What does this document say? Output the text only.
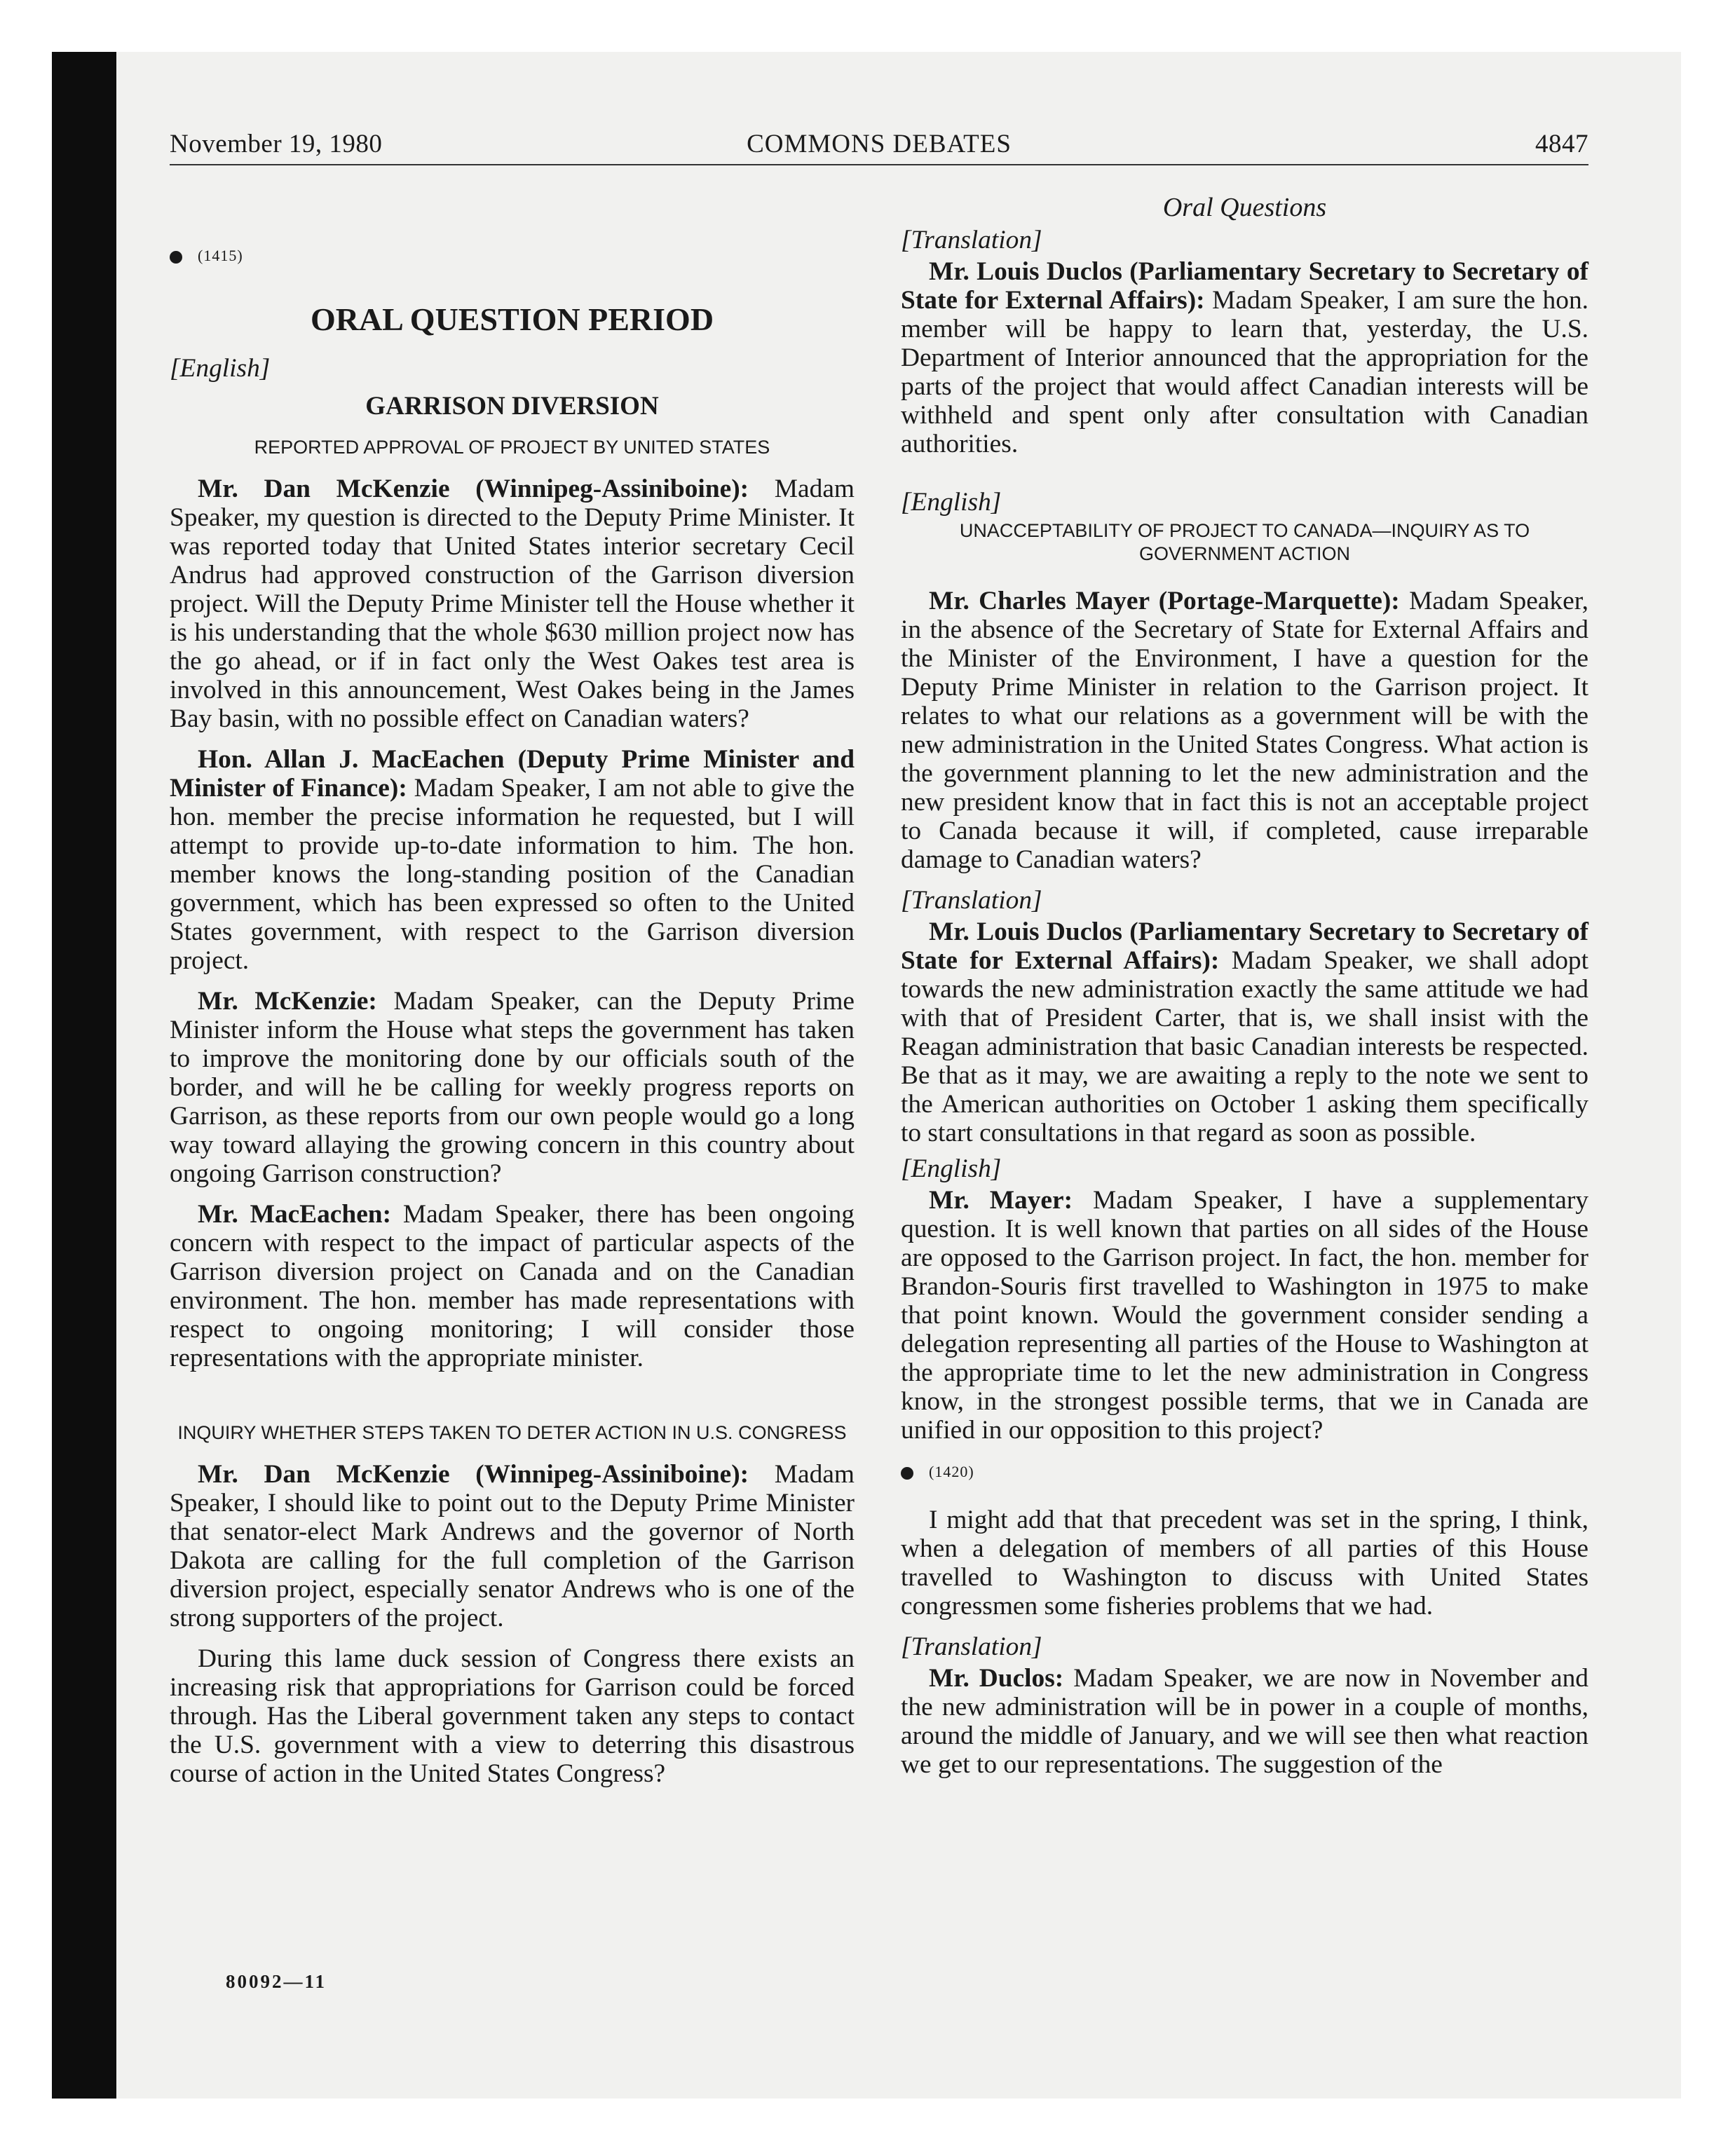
November 19, 1980	COMMONS DEBATES	4847
(1415)
ORAL QUESTION PERIOD
[English]
GARRISON DIVERSION
REPORTED APPROVAL OF PROJECT BY UNITED STATES

Mr. Dan McKenzie (Winnipeg-Assiniboine): Madam Speaker, my question is directed to the Deputy Prime Minister. It was reported today that United States interior secretary Cecil Andrus had approved construction of the Garrison diversion project. Will the Deputy Prime Minister tell the House whether it is his understanding that the whole $630 million project now has the go ahead, or if in fact only the West Oakes test area is involved in this announcement, West Oakes being in the James Bay basin, with no possible effect on Canadian waters?

Hon. Allan J. MacEachen (Deputy Prime Minister and Minister of Finance): Madam Speaker, I am not able to give the hon. member the precise information he requested, but I will attempt to provide up-to-date information to him. The hon. member knows the long-standing position of the Canadian government, which has been expressed so often to the United States government, with respect to the Garrison diversion project.

Mr. McKenzie: Madam Speaker, can the Deputy Prime Minister inform the House what steps the government has taken to improve the monitoring done by our officials south of the border, and will he be calling for weekly progress reports on Garrison, as these reports from our own people would go a long way toward allaying the growing concern in this country about ongoing Garrison construction?

Mr. MacEachen: Madam Speaker, there has been ongoing concern with respect to the impact of particular aspects of the Garrison diversion project on Canada and on the Canadian environment. The hon. member has made representations with respect to ongoing monitoring; I will consider those representations with the appropriate minister.

INQUIRY WHETHER STEPS TAKEN TO DETER ACTION IN U.S. CONGRESS

Mr. Dan McKenzie (Winnipeg-Assiniboine): Madam Speaker, I should like to point out to the Deputy Prime Minister that senator-elect Mark Andrews and the governor of North Dakota are calling for the full completion of the Garrison diversion project, especially senator Andrews who is one of the strong supporters of the project.

During this lame duck session of Congress there exists an increasing risk that appropriations for Garrison could be forced through. Has the Liberal government taken any steps to contact the U.S. government with a view to deterring this disastrous course of action in the United States Congress?

80092—11
Oral Questions
[Translation]

Mr. Louis Duclos (Parliamentary Secretary to Secretary of State for External Affairs): Madam Speaker, I am sure the hon. member will be happy to learn that, yesterday, the U.S. Department of Interior announced that the appropriation for the parts of the project that would affect Canadian interests will be withheld and spent only after consultation with Canadian authorities.

[English]
UNACCEPTABILITY OF PROJECT TO CANADA—INQUIRY AS TO GOVERNMENT ACTION

Mr. Charles Mayer (Portage-Marquette): Madam Speaker, in the absence of the Secretary of State for External Affairs and the Minister of the Environment, I have a question for the Deputy Prime Minister in relation to the Garrison project. It relates to what our relations as a government will be with the new administration in the United States Congress. What action is the government planning to let the new administration and the new president know that in fact this is not an acceptable project to Canada because it will, if completed, cause irreparable damage to Canadian waters?

[Translation]

Mr. Louis Duclos (Parliamentary Secretary to Secretary of State for External Affairs): Madam Speaker, we shall adopt towards the new administration exactly the same attitude we had with that of President Carter, that is, we shall insist with the Reagan administration that basic Canadian interests be respected. Be that as it may, we are awaiting a reply to the note we sent to the American authorities on October 1 asking them specifically to start consultations in that regard as soon as possible.

[English]

Mr. Mayer: Madam Speaker, I have a supplementary question. It is well known that parties on all sides of the House are opposed to the Garrison project. In fact, the hon. member for Brandon-Souris first travelled to Washington in 1975 to make that point known. Would the government consider sending a delegation representing all parties of the House to Washington at the appropriate time to let the new administration in Congress know, in the strongest possible terms, that we in Canada are unified in our opposition to this project?

(1420)

I might add that that precedent was set in the spring, I think, when a delegation of members of all parties of this House travelled to Washington to discuss with United States congressmen some fisheries problems that we had.

[Translation]

Mr. Duclos: Madam Speaker, we are now in November and the new administration will be in power in a couple of months, around the middle of January, and we will see then what reaction we get to our representations. The suggestion of the
